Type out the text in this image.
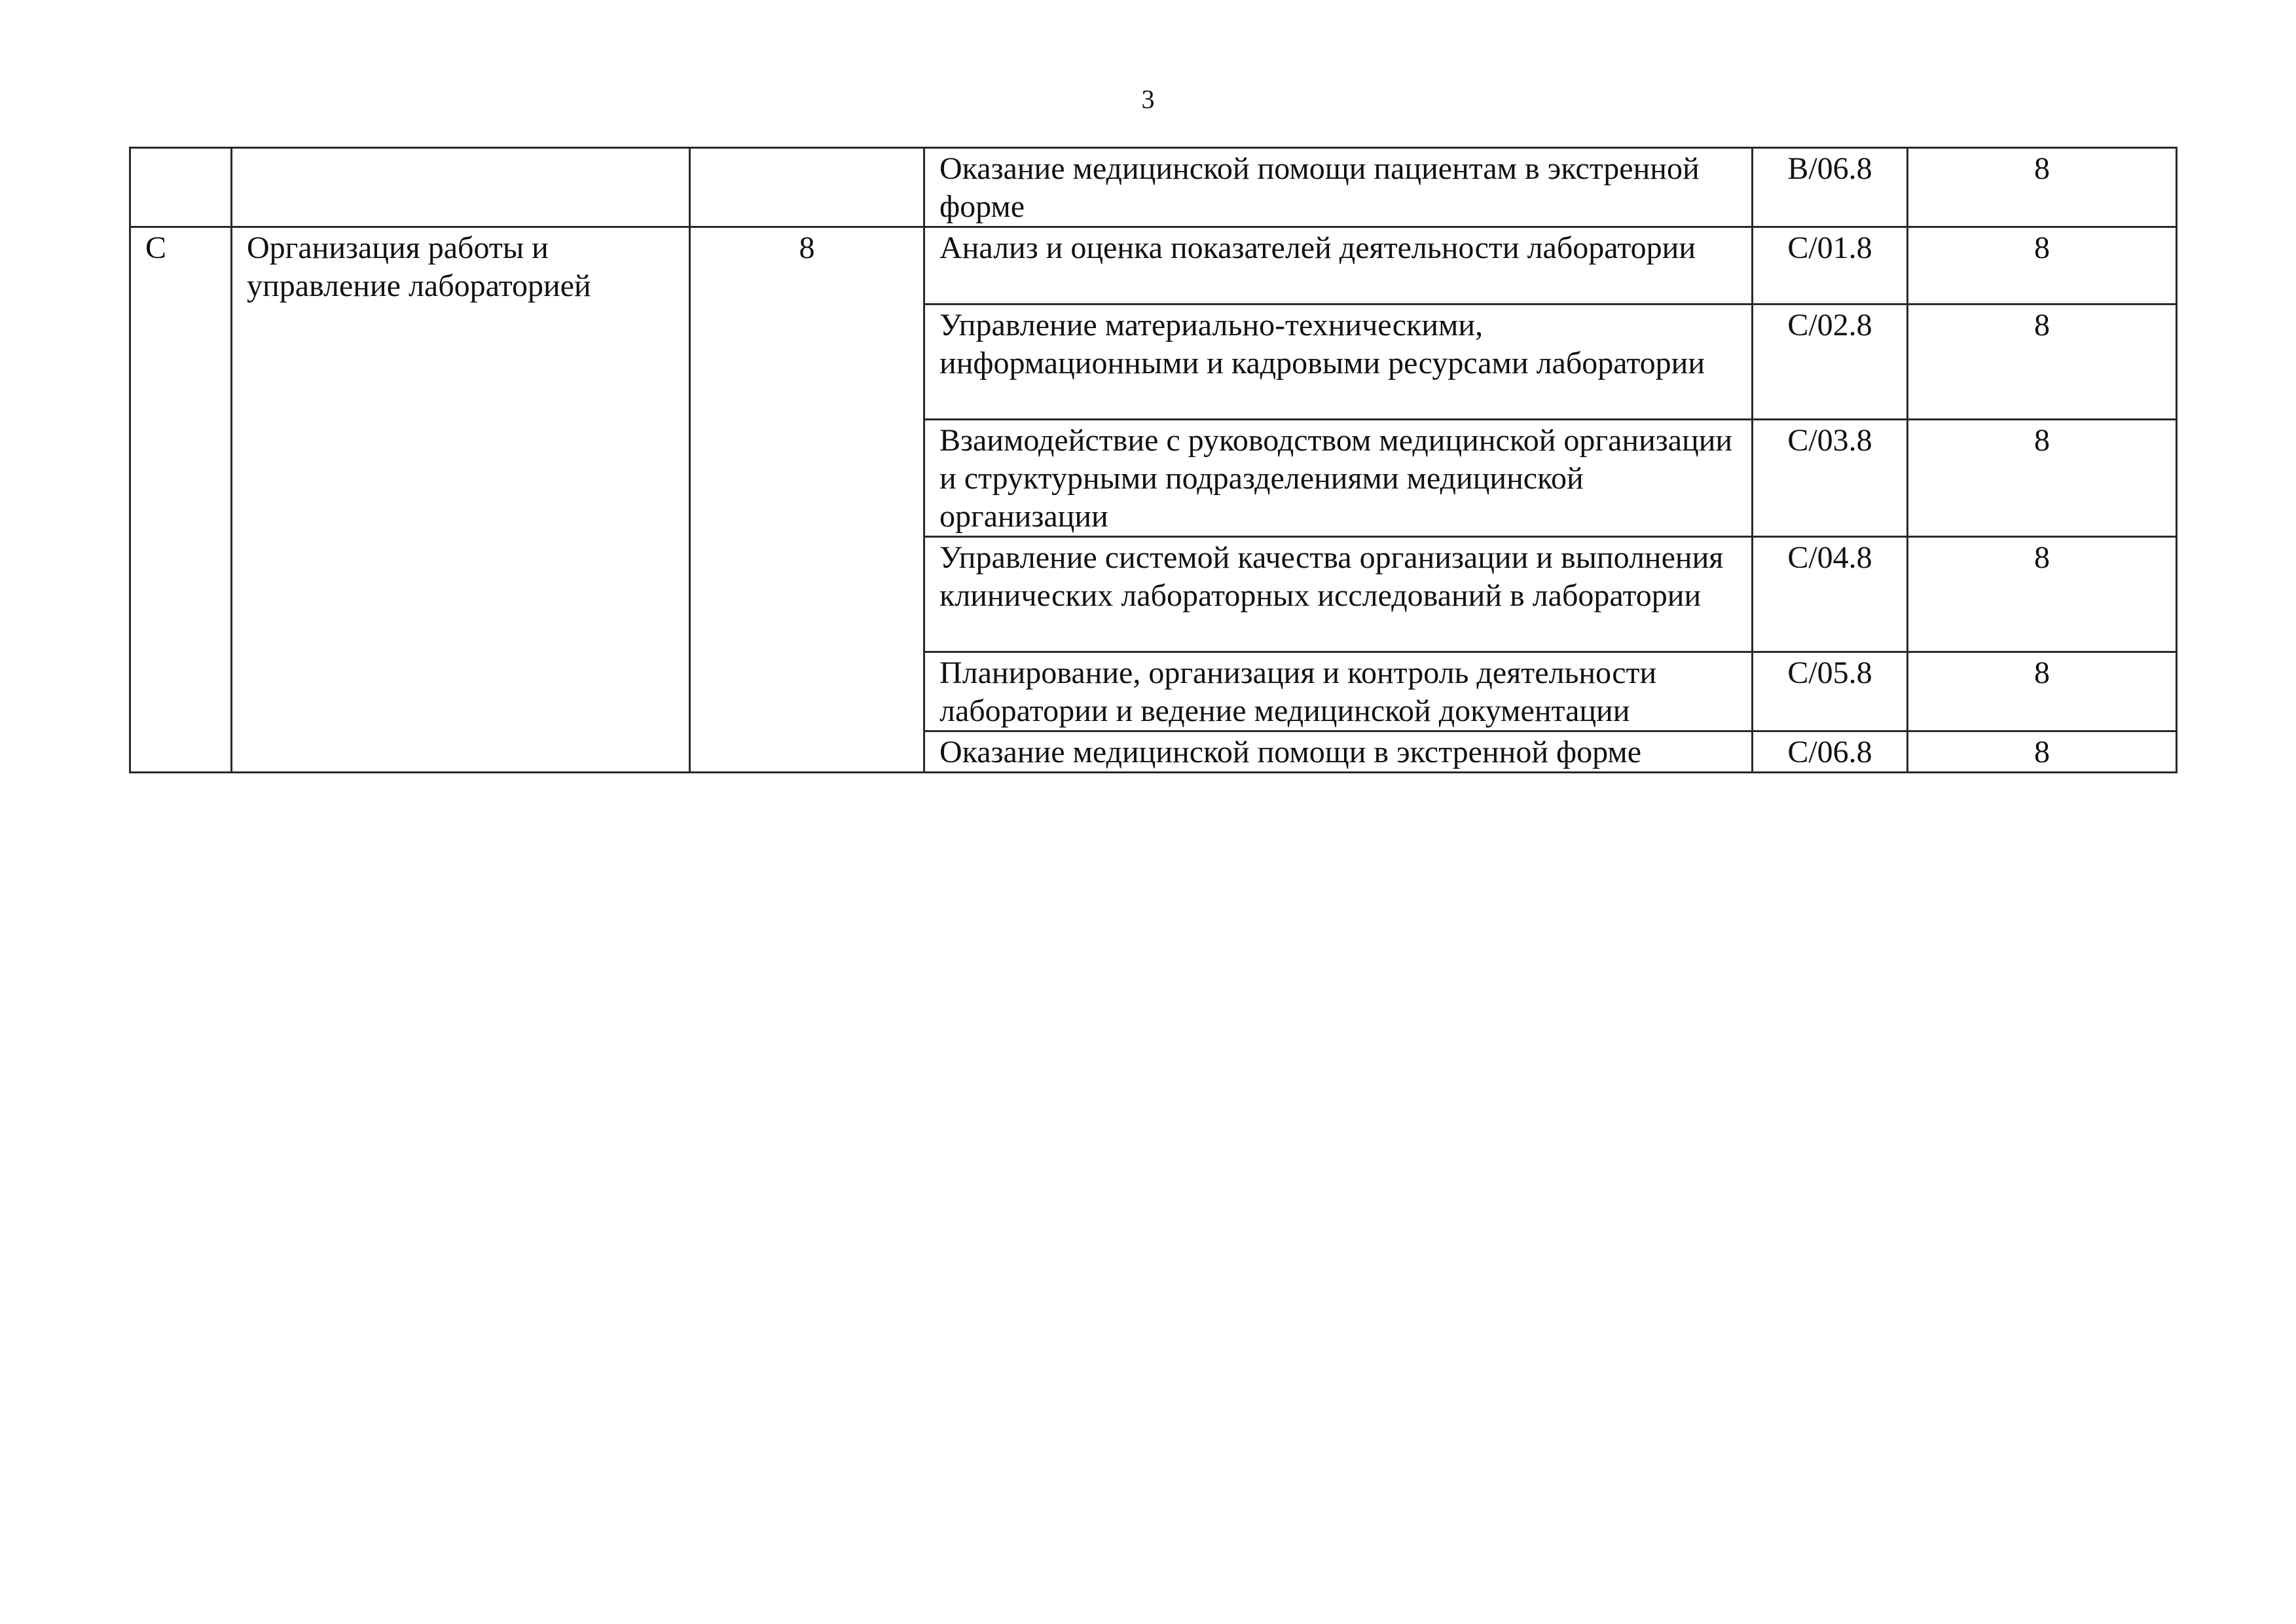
3
			Оказание медицинской помощи пациентам в экстренной форме	B/06.8	8
C	Организация работы и управление лабораторией	8	Анализ и оценка показателей деятельности лаборатории	C/01.8	8
			Управление материально-техническими, информационными и кадровыми ресурсами лаборатории	C/02.8	8
			Взаимодействие с руководством медицинской организации и структурными подразделениями медицинской организации	C/03.8	8
			Управление системой качества организации и выполнения клинических лабораторных исследований в лаборатории	C/04.8	8
			Планирование, организация и контроль деятельности лаборатории и ведение медицинской документации	C/05.8	8
			Оказание медицинской помощи в экстренной форме	C/06.8	8
